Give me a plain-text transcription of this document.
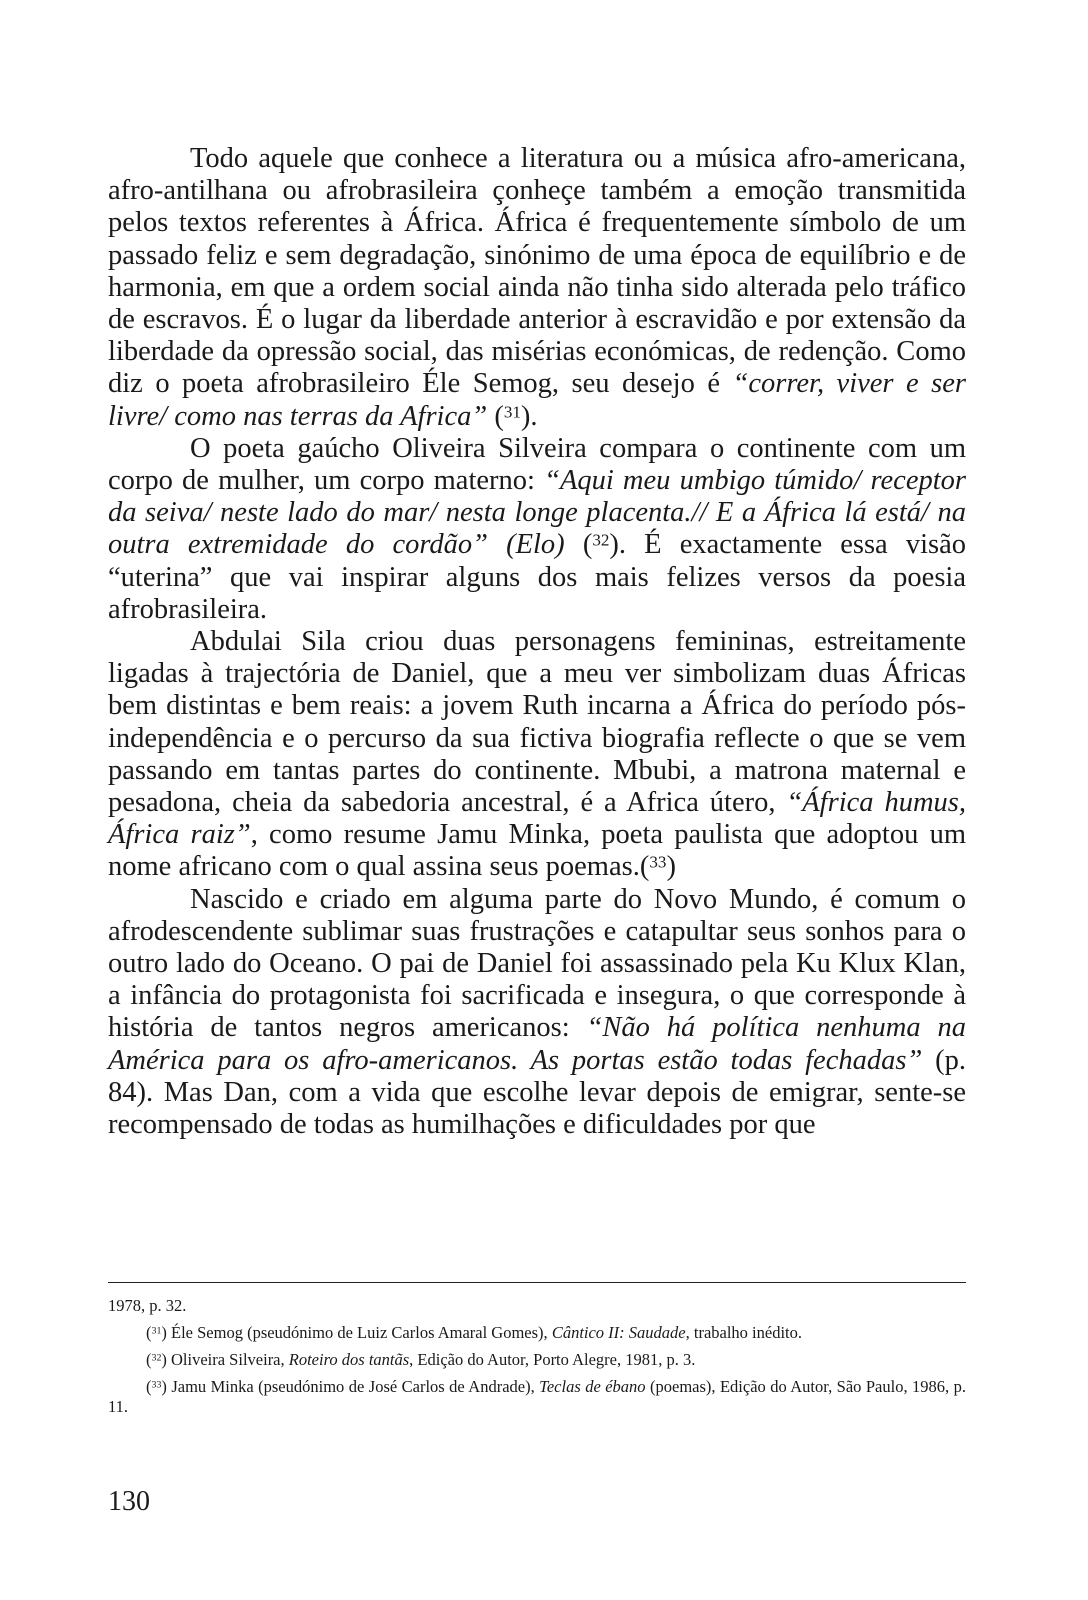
Todo aquele que conhece a literatura ou a música afro-americana, afro-antilhana ou afrobrasileira çonheçe também a emoção transmitida pelos textos referentes à África. África é frequentemente símbolo de um passado feliz e sem degradação, sinónimo de uma época de equilíbrio e de harmonia, em que a ordem social ainda não tinha sido alterada pelo tráfico de escravos. É o lugar da liberdade anterior à escravidão e por extensão da liberdade da opressão social, das misérias económicas, de redenção. Como diz o poeta afrobrasileiro Éle Semog, seu desejo é “correr, viver e ser livre/ como nas terras da Africa” ($^{31}$).

O poeta gaúcho Oliveira Silveira compara o continente com um corpo de mulher, um corpo materno: “Aqui meu umbigo túmido/ receptor da seiva/ neste lado do mar/ nesta longe placenta.// E a África lá está/ na outra extremidade do cordão” (Elo) ($^{32}$). É exactamente essa visão “uterina” que vai inspirar alguns dos mais felizes versos da poesia afrobrasileira.

Abdulai Sila criou duas personagens femininas, estreitamente ligadas à trajectória de Daniel, que a meu ver simbolizam duas Áfricas bem distintas e bem reais: a jovem Ruth incarna a África do período pós-independência e o percurso da sua fictiva biografia reflecte o que se vem passando em tantas partes do continente. Mbubi, a matrona maternal e pesadona, cheia da sabedoria ancestral, é a Africa útero, “África humus, África raiz”, como resume Jamu Minka, poeta paulista que adoptou um nome africano com o qual assina seus poemas.($^{33}$)

Nascido e criado em alguma parte do Novo Mundo, é comum o afrodescendente sublimar suas frustrações e catapultar seus sonhos para o outro lado do Oceano. O pai de Daniel foi assassinado pela Ku Klux Klan, a infância do protagonista foi sacrificada e insegura, o que corresponde à história de tantos negros americanos: “Não há política nenhuma na América para os afro-americanos. As portas estão todas fechadas” (p. 84). Mas Dan, com a vida que escolhe levar depois de emigrar, sente-se recompensado de todas as humilhações e dificuldades por que

1978, p. 32.

($^{31}$) Éle Semog (pseudónimo de Luiz Carlos Amaral Gomes), Cântico II: Saudade, trabalho inédito.

($^{32}$) Oliveira Silveira, Roteiro dos tantãs, Edição do Autor, Porto Alegre, 1981, p. 3.

($^{33}$) Jamu Minka (pseudónimo de José Carlos de Andrade), Teclas de ébano (poemas), Edição do Autor, São Paulo, 1986, p. 11.

130
